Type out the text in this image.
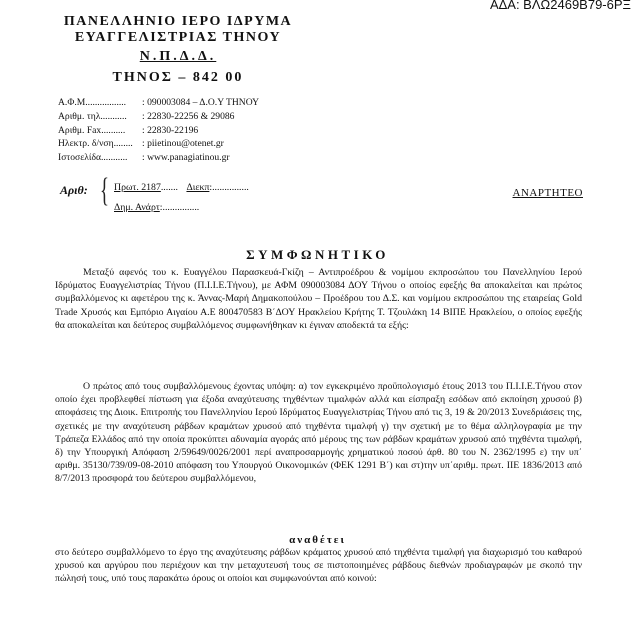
ΑΔΑ: ΒΛΩ2469Β79-6ΡΞ
ΠΑΝΕΛΛΗΝΙΟ ΙΕΡΟ ΙΔΡΥΜΑ
ΕΥΑΓΓΕΛΙΣΤΡΙΑΣ ΤΗΝΟΥ
Ν.Π.Δ.Δ.
ΤΗΝΟΣ – 842 00
Α.Φ.Μ................. : 090003084 – Δ.Ο.Υ ΤΗΝΟΥ
Αριθμ. τηλ........... : 22830-22256 & 29086
Αριθμ. Fax.......... : 22830-22196
Ηλεκτρ. δ/νση........ : piietinou@otenet.gr
Ιστοσελίδα........... : www.panagiatinou.gr
Αριθ: { Πρωτ. 2187....... Διεκπ:...............
Δημ. Ανάρτ:...............
ΑΝΑΡΤΗΤΕΟ
ΣΥΜΦΩΝΗΤΙΚΟ
Μεταξύ αφενός του κ. Ευαγγέλου Παρασκευά-Γκίζη – Αντιπροέδρου & νομίμου εκπροσώπου του Πανελληνίου Ιερού Ιδρύματος Ευαγγελιστρίας Τήνου (Π.Ι.Ι.Ε.Τήνου), με ΑΦΜ 090003084 ΔΟΥ Τήνου ο οποίος εφεξής θα αποκαλείται και πρώτος συμβαλλόμενος κι αφετέρου της κ. Άννας-Μαρή Δημακοπούλου – Προέδρου του Δ.Σ. και νομίμου εκπροσώπου της εταιρείας Gold Trade Χρυσός και Εμπόριο Αιγαίου Α.Ε 800470583 Β΄ΔΟΥ Ηρακλείου Κρήτης Τ. Τζουλάκη 14 ΒΙΠΕ Ηρακλείου, ο οποίος εφεξής θα αποκαλείται και δεύτερος συμβαλλόμενος συμφωνήθηκαν κι έγιναν αποδεκτά τα εξής:
Ο πρώτος από τους συμβαλλόμενους έχοντας υπόψη: α) τον εγκεκριμένο προϋπολογισμό έτους 2013 του Π.Ι.Ι.Ε.Τήνου στον οποίο έχει προβλεφθεί πίστωση για έξοδα αναχύτευσης τηχθέντων τιμαλφών αλλά και είσπραξη εσόδων από εκποίηση χρυσού β) αποφάσεις της Διοικ. Επιτροπής του Πανελληνίου Ιερού Ιδρύματος Ευαγγελιστρίας Τήνου από τις 3, 19 & 20/2013 Συνεδριάσεις της, σχετικές με την αναχύτευση ράβδων κραμάτων χρυσού από τηχθέντα τιμαλφή γ) την σχετική με το θέμα αλληλογραφία με την Τράπεζα Ελλάδος από την οποία προκύπτει αδυναμία αγοράς από μέρους της των ράβδων κραμάτων χρυσού από τηχθέντα τιμαλφή, δ) την Υπουργική Απόφαση 2/59649/0026/2001 περί αναπροσαρμογής χρηματικού ποσού άρθ. 80 του Ν. 2362/1995 ε) την υπ΄ αριθμ. 35130/739/09-08-2010 απόφαση του Υπουργού Οικονομικών (ΦΕΚ 1291 Β΄) και στ)την υπ΄αριθμ. πρωτ. ΙΙΕ 1836/2013 από 8/7/2013 προσφορά του δεύτερου συμβαλλόμενου,
αναθέτει
στο δεύτερο συμβαλλόμενο το έργο της αναχύτευσης ράβδων κράματος χρυσού από τηχθέντα τιμαλφή για διαχωρισμό του καθαρού χρυσού και αργύρου που περιέχουν και την μεταχυτευσή τους σε πιστοποιημένες ράβδους διεθνών προδιαγραφών με σκοπό την πώλησή τους, υπό τους παρακάτω όρους οι οποίοι και συμφωνούνται από κοινού:
